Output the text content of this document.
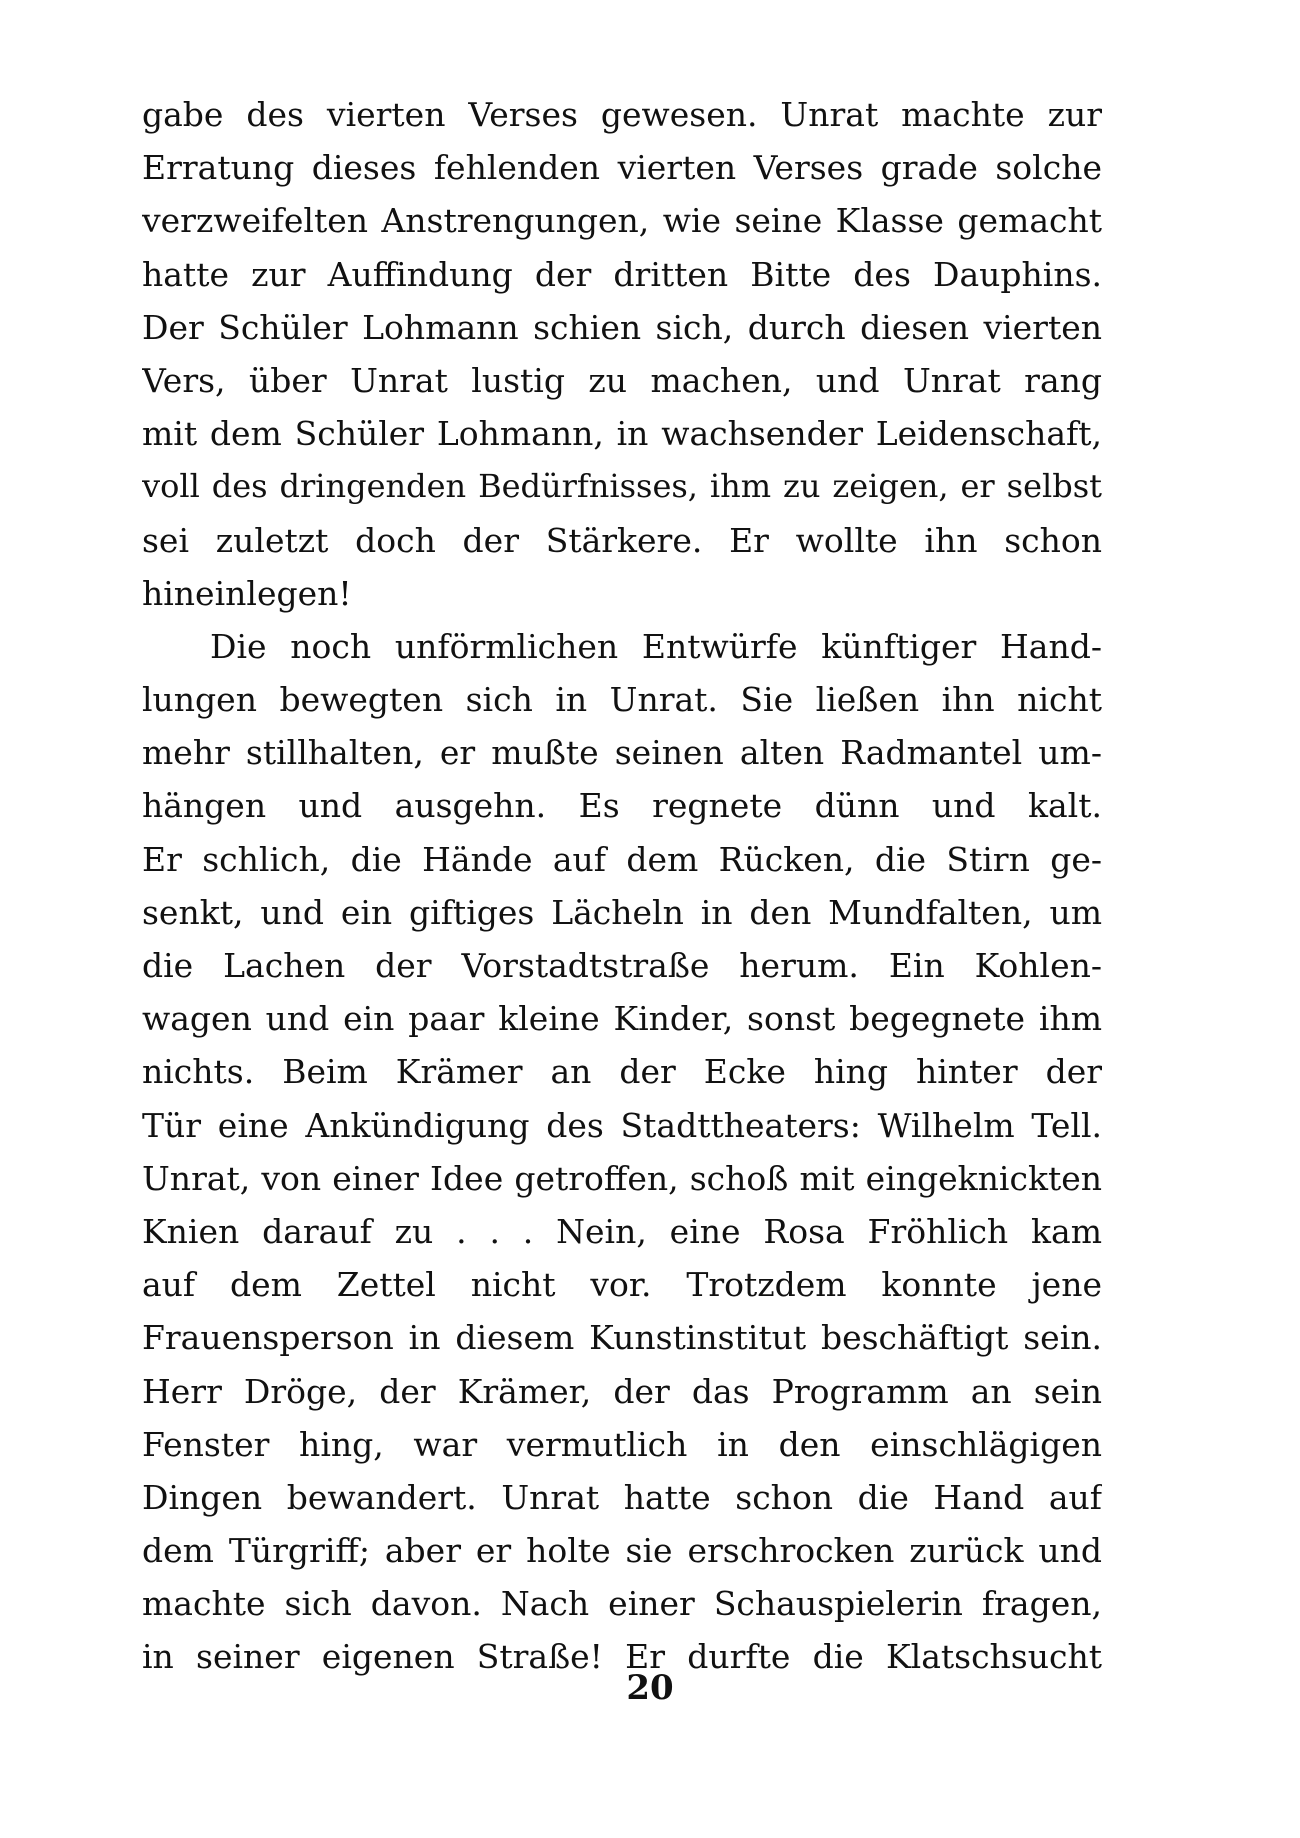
gabe des vierten Verses gewesen. Unrat machte zur
Erratung dieses fehlenden vierten Verses grade solche
verzweifelten Anstrengungen, wie seine Klasse gemacht
hatte zur Auffindung der dritten Bitte des Dauphins.
Der Schüler Lohmann schien sich, durch diesen vierten
Vers, über Unrat lustig zu machen, und Unrat rang
mit dem Schüler Lohmann, in wachsender Leidenschaft,
voll des dringenden Bedürfnisses, ihm zu zeigen, er selbst
sei zuletzt doch der Stärkere. Er wollte ihn schon
hineinlegen!
Die noch unförmlichen Entwürfe künftiger Hand-
lungen bewegten sich in Unrat. Sie ließen ihn nicht
mehr stillhalten, er mußte seinen alten Radmantel um-
hängen und ausgehn. Es regnete dünn und kalt.
Er schlich, die Hände auf dem Rücken, die Stirn ge-
senkt, und ein giftiges Lächeln in den Mundfalten, um
die Lachen der Vorstadtstraße herum. Ein Kohlen-
wagen und ein paar kleine Kinder, sonst begegnete ihm
nichts. Beim Krämer an der Ecke hing hinter der
Tür eine Ankündigung des Stadttheaters: Wilhelm Tell.
Unrat, von einer Idee getroffen, schoß mit eingeknickten
Knien darauf zu . . . Nein, eine Rosa Fröhlich kam
auf dem Zettel nicht vor. Trotzdem konnte jene
Frauensperson in diesem Kunstinstitut beschäftigt sein.
Herr Dröge, der Krämer, der das Programm an sein
Fenster hing, war vermutlich in den einschlägigen
Dingen bewandert. Unrat hatte schon die Hand auf
dem Türgriff; aber er holte sie erschrocken zurück und
machte sich davon. Nach einer Schauspielerin fragen,
in seiner eigenen Straße! Er durfte die Klatschsucht
20
